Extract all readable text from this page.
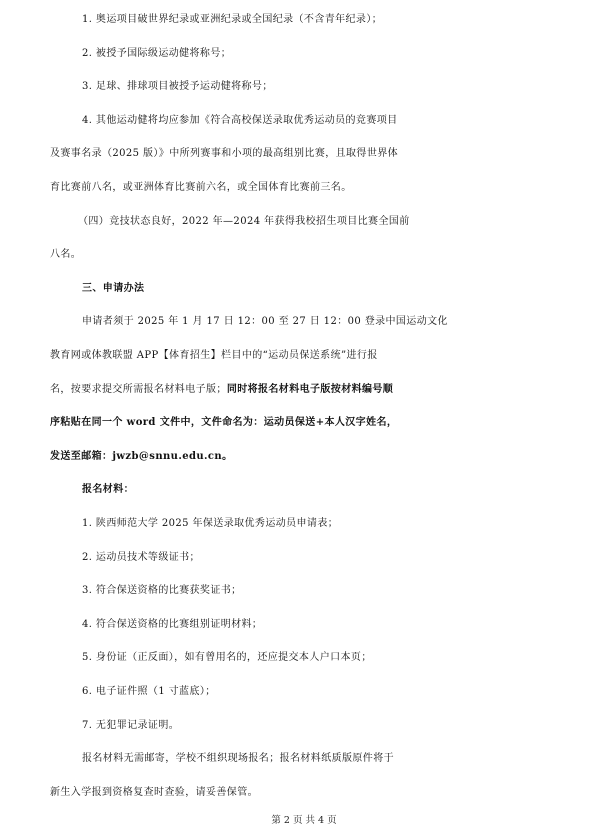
1. 奥运项目破世界纪录或亚洲纪录或全国纪录（不含青年纪录）；
2. 被授予国际级运动健将称号；
3. 足球、排球项目被授予运动健将称号；
4. 其他运动健将均应参加《符合高校保送录取优秀运动员的竞赛项目
及赛事名录（2025 版）》中所列赛事和小项的最高组别比赛，且取得世界体
育比赛前八名，或亚洲体育比赛前六名，或全国体育比赛前三名。
（四）竞技状态良好，2022 年—2024 年获得我校招生项目比赛全国前
八名。
三、申请办法
申请者须于 2025 年 1 月 17 日 12：00 至 27 日 12：00 登录中国运动文化
教育网或体教联盟 APP【体育招生】栏目中的“运动员保送系统”进行报
名，按要求提交所需报名材料电子版；同时将报名材料电子版按材料编号顺
序粘贴在同一个 word 文件中，文件命名为：运动员保送+本人汉字姓名，
发送至邮箱：jwzb@snnu.edu.cn。
报名材料：
1. 陕西师范大学 2025 年保送录取优秀运动员申请表；
2. 运动员技术等级证书；
3. 符合保送资格的比赛获奖证书；
4. 符合保送资格的比赛组别证明材料；
5. 身份证（正反面），如有曾用名的，还应提交本人户口本页；
6. 电子证件照（1 寸蓝底）；
7. 无犯罪记录证明。
报名材料无需邮寄，学校不组织现场报名；报名材料纸质版原件将于
新生入学报到资格复查时查验，请妥善保管。
第 2 页 共 4 页
